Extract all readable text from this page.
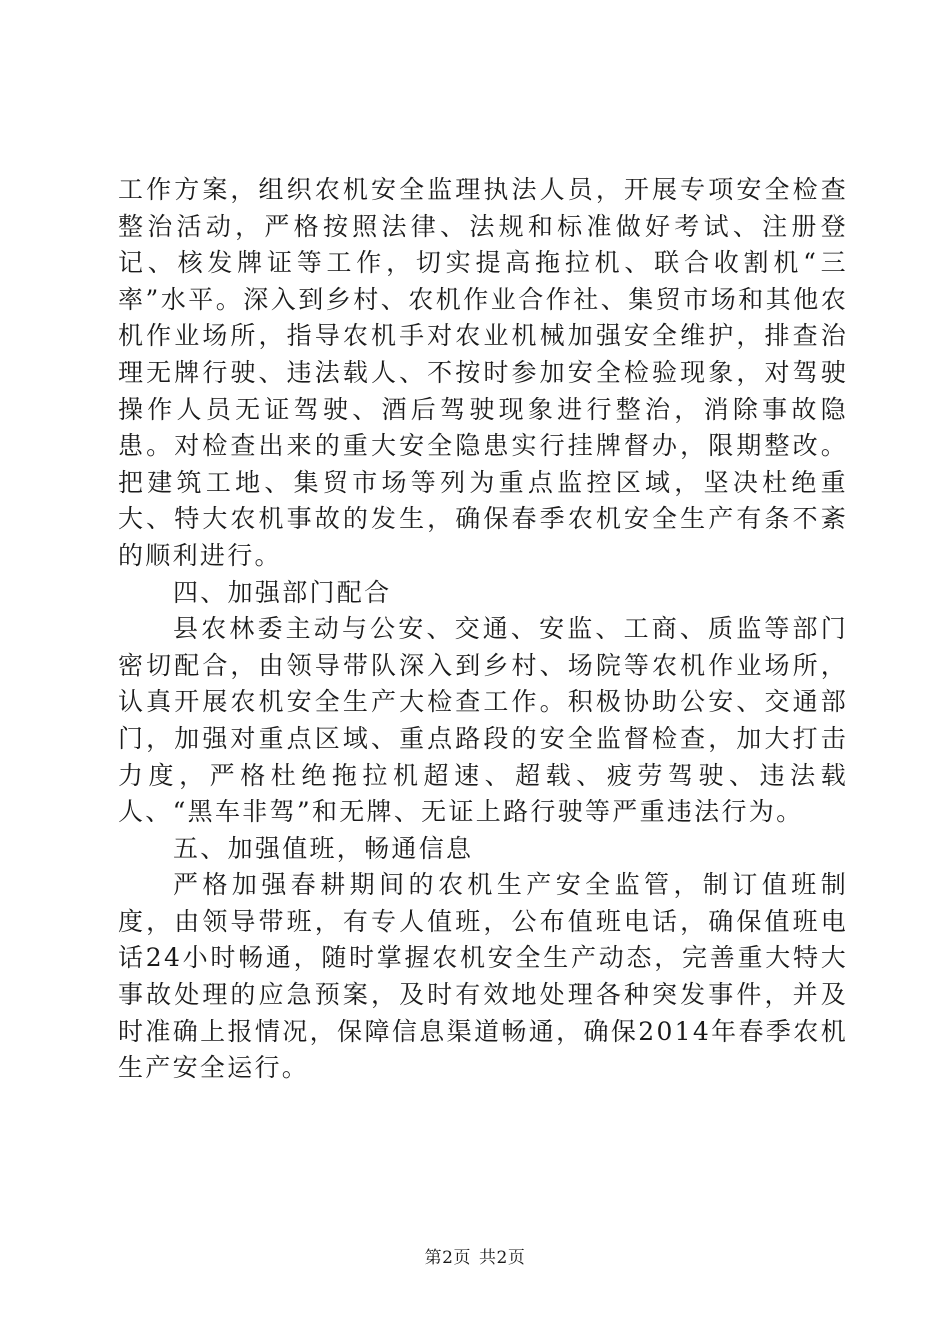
工作方案，组织农机安全监理执法人员，开展专项安全检查整治活动，严格按照法律、法规和标准做好考试、注册登记、核发牌证等工作，切实提高拖拉机、联合收割机“三率”水平。深入到乡村、农机作业合作社、集贸市场和其他农机作业场所，指导农机手对农业机械加强安全维护，排查治理无牌行驶、违法载人、不按时参加安全检验现象，对驾驶操作人员无证驾驶、酒后驾驶现象进行整治，消除事故隐患。对检查出来的重大安全隐患实行挂牌督办，限期整改。把建筑工地、集贸市场等列为重点监控区域，坚决杜绝重大、特大农机事故的发生，确保春季农机安全生产有条不紊的顺利进行。

四、加强部门配合

县农林委主动与公安、交通、安监、工商、质监等部门密切配合，由领导带队深入到乡村、场院等农机作业场所，认真开展农机安全生产大检查工作。积极协助公安、交通部门，加强对重点区域、重点路段的安全监督检查，加大打击力度，严格杜绝拖拉机超速、超载、疲劳驾驶、违法载人、“黑车非驾”和无牌、无证上路行驶等严重违法行为。

五、加强值班，畅通信息

严格加强春耕期间的农机生产安全监管，制订值班制度，由领导带班，有专人值班，公布值班电话，确保值班电话24小时畅通，随时掌握农机安全生产动态，完善重大特大事故处理的应急预案，及时有效地处理各种突发事件，并及时准确上报情况，保障信息渠道畅通，确保2014年春季农机生产安全运行。

第2页 共2页
